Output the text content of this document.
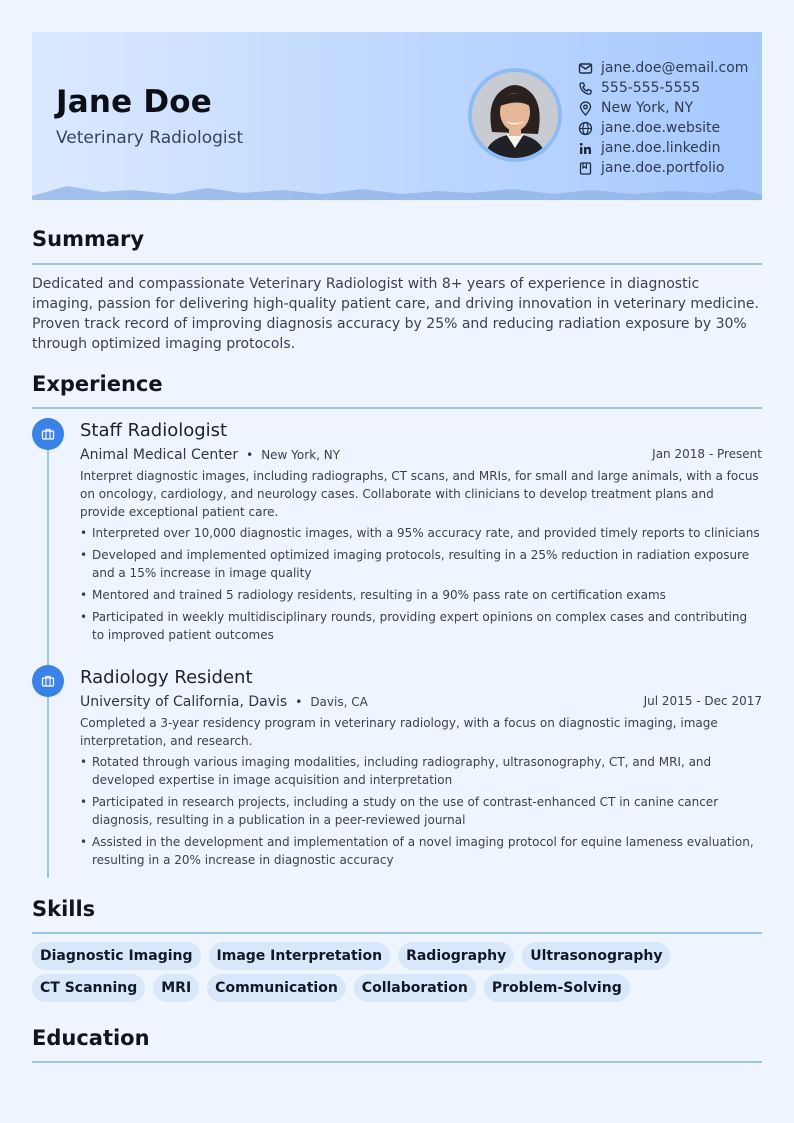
Jane Doe
Veterinary Radiologist
jane.doe@email.com
555-555-5555
New York, NY
jane.doe.website
jane.doe.linkedin
jane.doe.portfolio
Summary
Dedicated and compassionate Veterinary Radiologist with 8+ years of experience in diagnostic imaging, passion for delivering high-quality patient care, and driving innovation in veterinary medicine. Proven track record of improving diagnosis accuracy by 25% and reducing radiation exposure by 30% through optimized imaging protocols.
Experience
Staff Radiologist
Animal Medical Center • New York, NY	Jan 2018 - Present
Interpret diagnostic images, including radiographs, CT scans, and MRIs, for small and large animals, with a focus on oncology, cardiology, and neurology cases. Collaborate with clinicians to develop treatment plans and provide exceptional patient care.
• Interpreted over 10,000 diagnostic images, with a 95% accuracy rate, and provided timely reports to clinicians
• Developed and implemented optimized imaging protocols, resulting in a 25% reduction in radiation exposure and a 15% increase in image quality
• Mentored and trained 5 radiology residents, resulting in a 90% pass rate on certification exams
• Participated in weekly multidisciplinary rounds, providing expert opinions on complex cases and contributing to improved patient outcomes
Radiology Resident
University of California, Davis • Davis, CA	Jul 2015 - Dec 2017
Completed a 3-year residency program in veterinary radiology, with a focus on diagnostic imaging, image interpretation, and research.
• Rotated through various imaging modalities, including radiography, ultrasonography, CT, and MRI, and developed expertise in image acquisition and interpretation
• Participated in research projects, including a study on the use of contrast-enhanced CT in canine cancer diagnosis, resulting in a publication in a peer-reviewed journal
• Assisted in the development and implementation of a novel imaging protocol for equine lameness evaluation, resulting in a 20% increase in diagnostic accuracy
Skills
Diagnostic Imaging	Image Interpretation	Radiography	Ultrasonography
CT Scanning	MRI	Communication	Collaboration	Problem-Solving
Education
